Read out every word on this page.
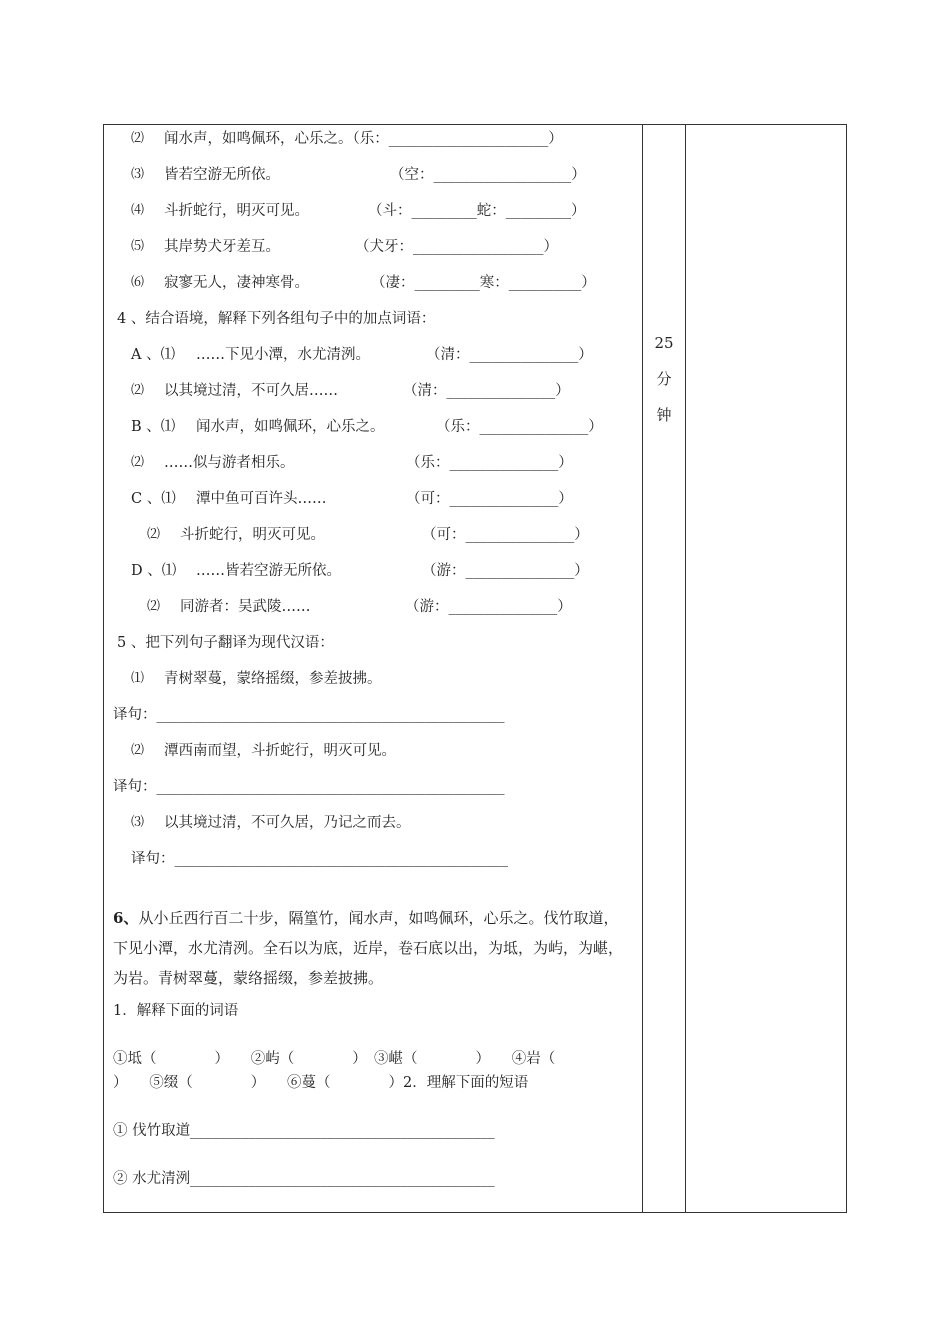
25
分
钟
⑵ 闻水声，如鸣佩环，心乐之。（乐：______________________）
⑶ 皆若空游无所依。	（空：___________________）
⑷ 斗折蛇行，明灭可见。	（斗：_________蛇：_________）
⑸ 其岸势犬牙差互。	（犬牙：__________________）
⑹ 寂寥无人，凄神寒骨。	（凄：_________寒：__________）
4 、结合语境，解释下列各组句子中的加点词语：
A 、⑴ ……下见小潭，水尤清洌。	（清：_______________）
⑵ 以其境过清，不可久居……	（清：_______________）
B 、⑴ 闻水声，如鸣佩环，心乐之。	（乐：_______________）
⑵ ……似与游者相乐。	（乐：_______________）
C 、⑴ 潭中鱼可百许头……	（可：_______________）
⑵ 斗折蛇行，明灭可见。	（可：_______________）
D 、⑴ ……皆若空游无所依。	（游：_______________）
⑵ 同游者：吴武陵……	（游：_______________）
5 、把下列句子翻译为现代汉语：
⑴ 青树翠蔓，蒙络摇缀，参差披拂。
译句：________________________________________________
⑵ 潭西南而望，斗折蛇行，明灭可见。
译句：________________________________________________
⑶ 以其境过清，不可久居，乃记之而去。
译句：______________________________________________
6、从小丘西行百二十步，隔篁竹，闻水声，如鸣佩环，心乐之。伐竹取道，下见小潭，水尤清洌。全石以为底，近岸，卷石底以出，为坻，为屿，为嵁，为岩。青树翠蔓，蒙络摇缀，参差披拂。
1．解释下面的词语
①坻（　　　　）　　②屿（　　　　）　③嵁（　　　　）　　④岩（
）　　⑤缀（　　　　）　　⑥蔓（　　　　）2．理解下面的短语
① 伐竹取道__________________________________________
② 水尤清洌__________________________________________
